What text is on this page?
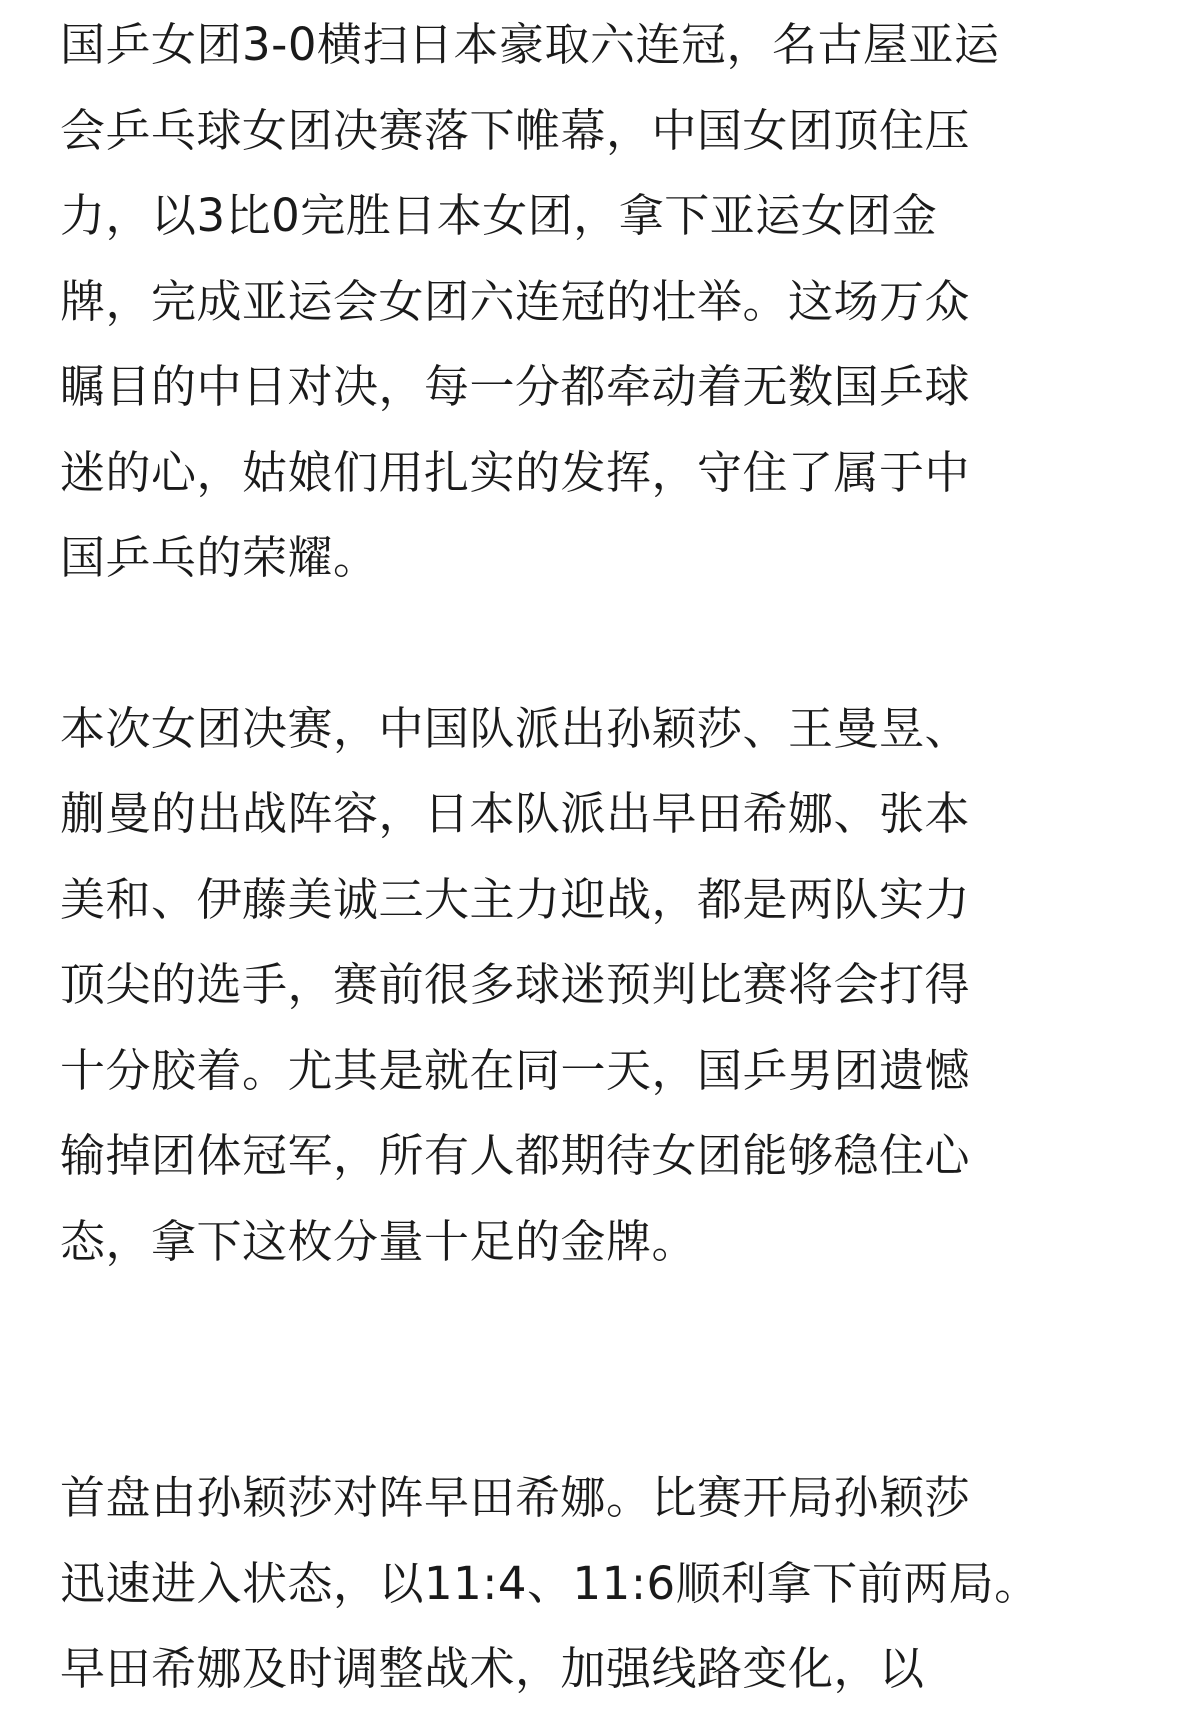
国乒女团3-0横扫日本豪取六连冠，名古屋亚运
会乒乓球女团决赛落下帷幕，中国女团顶住压
力，以3比0完胜日本女团，拿下亚运女团金
牌，完成亚运会女团六连冠的壮举。这场万众
瞩目的中日对决，每一分都牵动着无数国乒球
迷的心，姑娘们用扎实的发挥，守住了属于中
国乒乓的荣耀。

本次女团决赛，中国队派出孙颖莎、王曼昱、
蒯曼的出战阵容，日本队派出早田希娜、张本
美和、伊藤美诚三大主力迎战，都是两队实力
顶尖的选手，赛前很多球迷预判比赛将会打得
十分胶着。尤其是就在同一天，国乒男团遗憾
输掉团体冠军，所有人都期待女团能够稳住心
态，拿下这枚分量十足的金牌。

首盘由孙颖莎对阵早田希娜。比赛开局孙颖莎
迅速进入状态，以11:4、11:6顺利拿下前两局。
早田希娜及时调整战术，加强线路变化，以
